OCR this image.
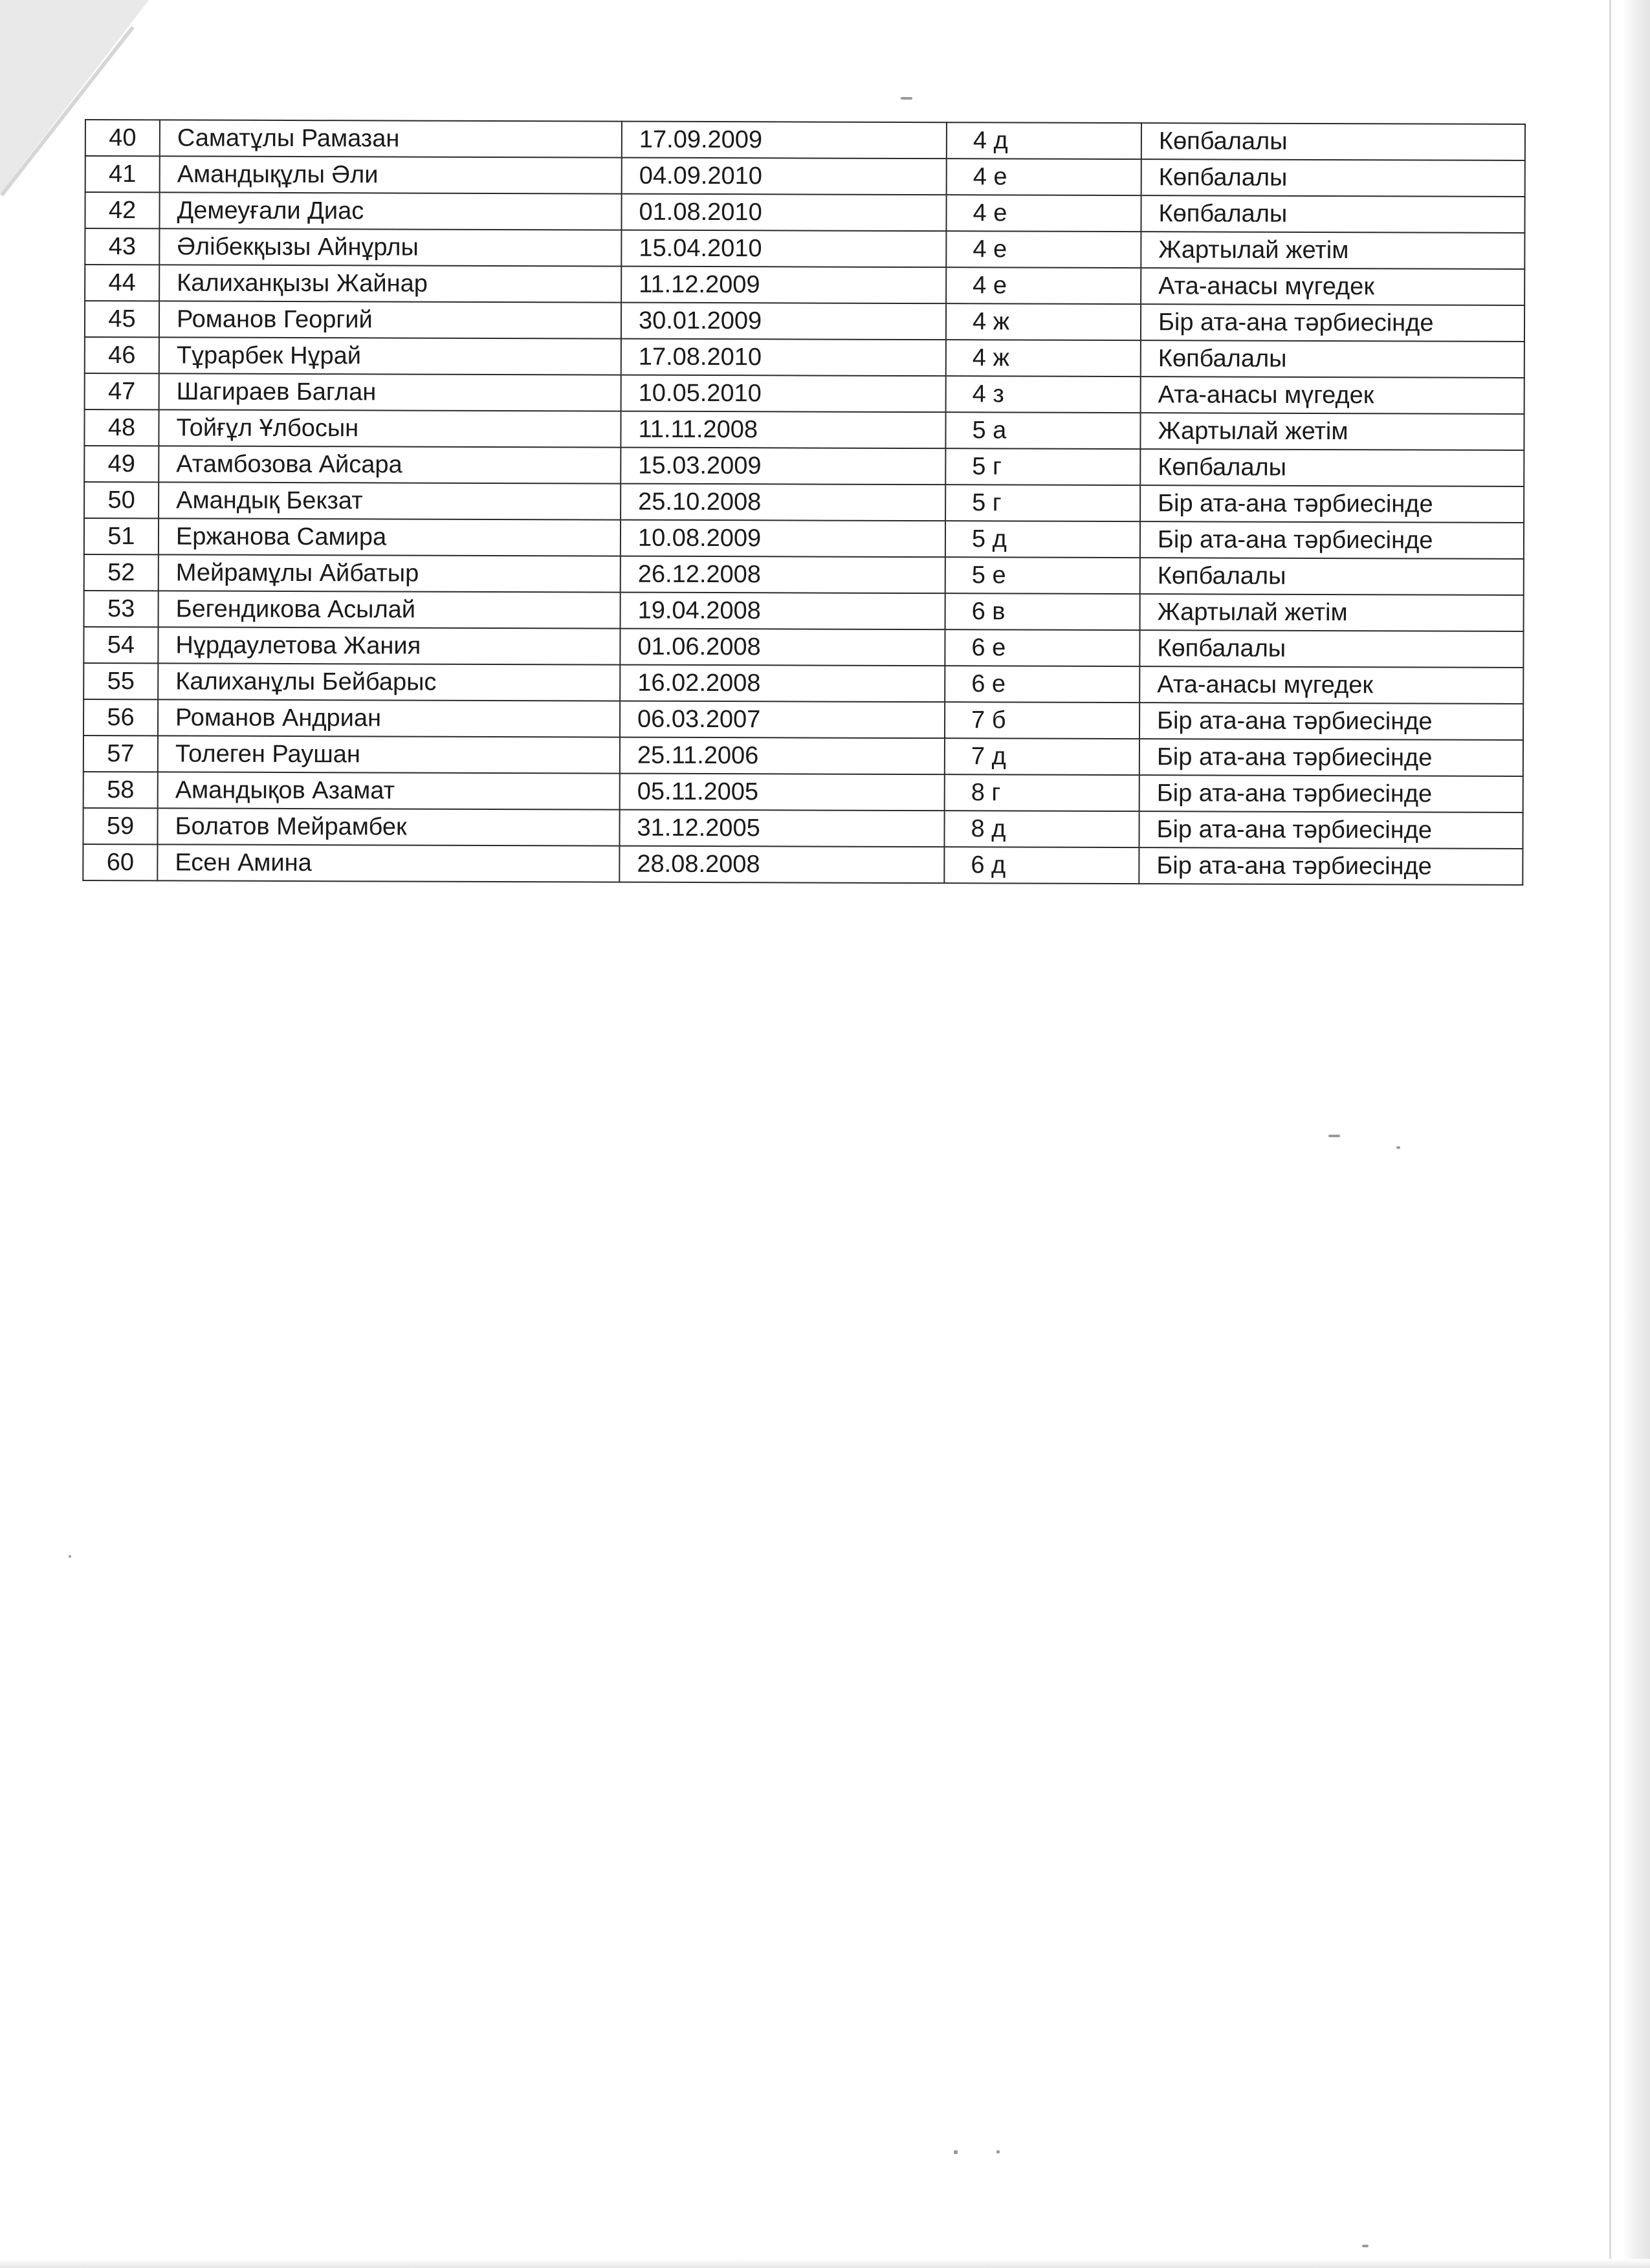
40	Саматұлы Рамазан	17.09.2009	4 д	Көпбалалы
41	Амандықұлы Әли	04.09.2010	4 е	Көпбалалы
42	Демеуғали Диас	01.08.2010	4 е	Көпбалалы
43	Әлібекқызы Айнұрлы	15.04.2010	4 е	Жартылай жетім
44	Калиханқызы Жайнар	11.12.2009	4 е	Ата-анасы мүгедек
45	Романов Георгий	30.01.2009	4 ж	Бір ата-ана тәрбиесінде
46	Тұрарбек Нұрай	17.08.2010	4 ж	Көпбалалы
47	Шагираев Баглан	10.05.2010	4 з	Ата-анасы мүгедек
48	Тойғұл Ұлбосын	11.11.2008	5 а	Жартылай жетім
49	Атамбозова Айсара	15.03.2009	5 г	Көпбалалы
50	Амандық Бекзат	25.10.2008	5 г	Бір ата-ана тәрбиесінде
51	Ержанова Самира	10.08.2009	5 д	Бір ата-ана тәрбиесінде
52	Мейрамұлы Айбатыр	26.12.2008	5 е	Көпбалалы
53	Бегендикова Асылай	19.04.2008	6 в	Жартылай жетім
54	Нұрдаулетова Жания	01.06.2008	6 е	Көпбалалы
55	Калиханұлы Бейбарыс	16.02.2008	6 е	Ата-анасы мүгедек
56	Романов Андриан	06.03.2007	7 б	Бір ата-ана тәрбиесінде
57	Толеген Раушан	25.11.2006	7 д	Бір ата-ана тәрбиесінде
58	Амандықов Азамат	05.11.2005	8 г	Бір ата-ана тәрбиесінде
59	Болатов Мейрамбек	31.12.2005	8 д	Бір ата-ана тәрбиесінде
60	Есен Амина	28.08.2008	6 д	Бір ата-ана тәрбиесінде
